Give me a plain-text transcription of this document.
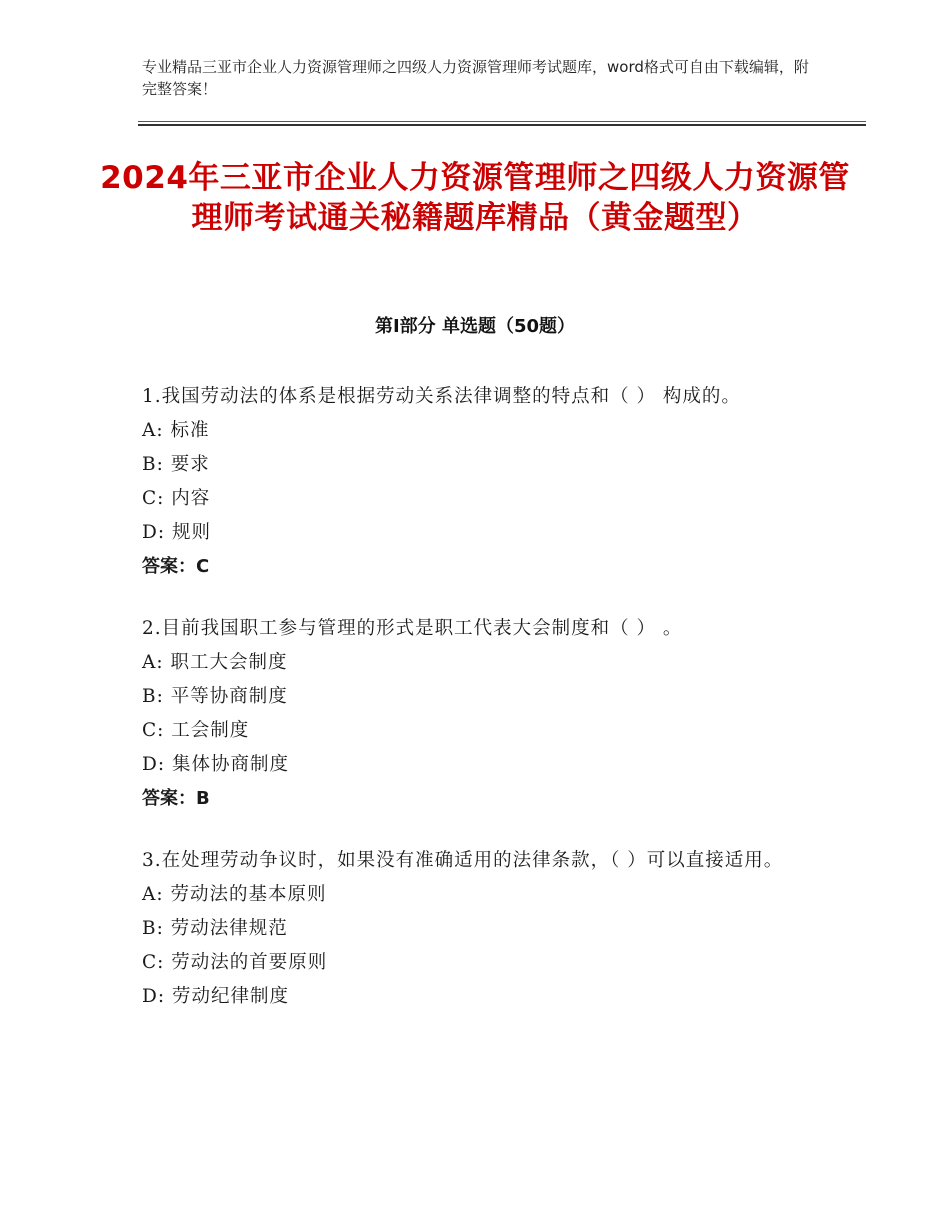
专业精品三亚市企业人力资源管理师之四级人力资源管理师考试题库，word格式可自由下载编辑，附完整答案！
2024年三亚市企业人力资源管理师之四级人力资源管理师考试通关秘籍题库精品（黄金题型）
第Ⅰ部分 单选题（50题）
1.我国劳动法的体系是根据劳动关系法律调整的特点和（ ） 构成的。
A: 标准
B: 要求
C: 内容
D: 规则
答案：C
2.目前我国职工参与管理的形式是职工代表大会制度和（ ） 。
A: 职工大会制度
B: 平等协商制度
C: 工会制度
D: 集体协商制度
答案：B
3.在处理劳动争议时，如果没有准确适用的法律条款，（ ）可以直接适用。
A: 劳动法的基本原则
B: 劳动法律规范
C: 劳动法的首要原则
D: 劳动纪律制度
